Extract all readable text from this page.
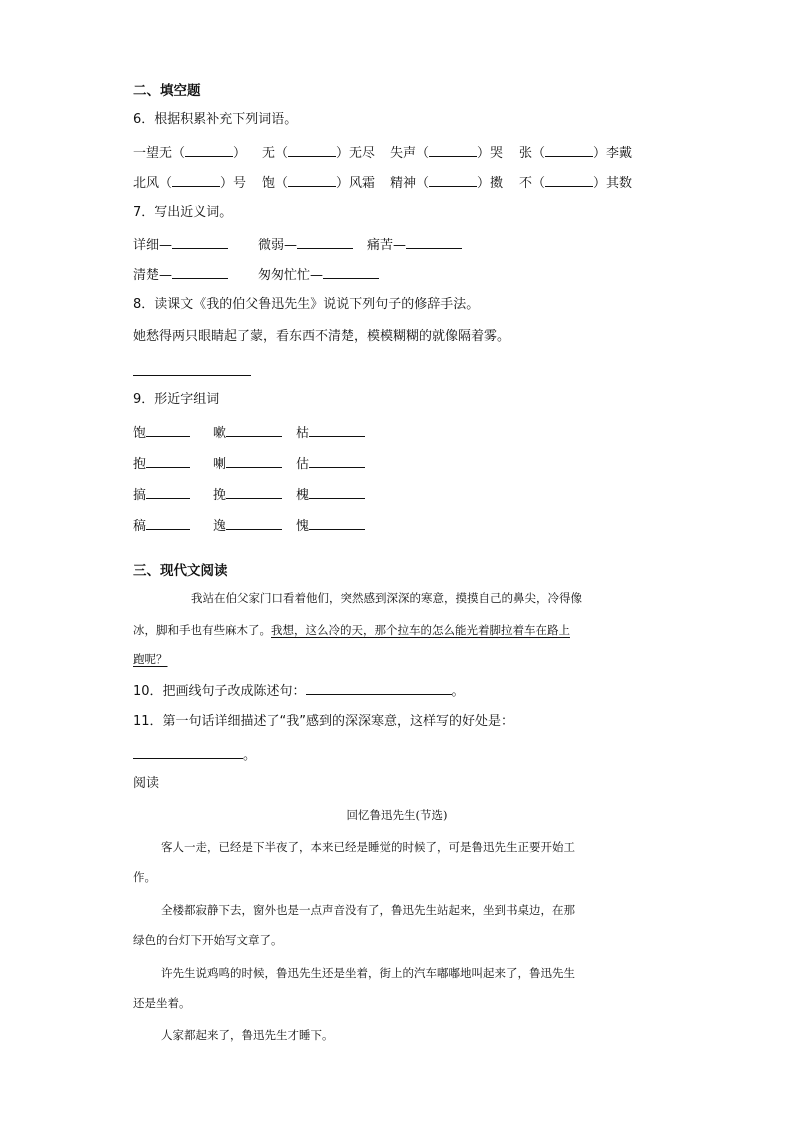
二、填空题
6．根据积累补充下列词语。
一望无（	） 无（	）无尽 失声（	）哭 张（	）李戴
北风（	）号 饱（	）风霜 精神（	）擞 不（	）其数
7．写出近义词。
详细—	微弱—	痛苦—
清楚—	匆匆忙忙—
8．读课文《我的伯父鲁迅先生》说说下列句子的修辞手法。
她愁得两只眼睛起了蒙，看东西不清楚，模模糊糊的就像隔着雾。
9．形近字组词
饱	嗽	枯
抱	喇	估
搞	挽	槐
稿	逸	愧
三、现代文阅读
我站在伯父家门口看着他们，突然感到深深的寒意，摸摸自己的鼻尖，冷得像
冰，脚和手也有些麻木了。我想，这么冷的天，那个拉车的怎么能光着脚拉着车在路上
跑呢？
10．把画线句子改成陈述句：	。
11．第一句话详细描述了“我”感到的深深寒意，这样写的好处是：
。
阅读
回忆鲁迅先生(节选)
客人一走，已经是下半夜了，本来已经是睡觉的时候了，可是鲁迅先生正要开始工
作。
全楼都寂静下去，窗外也是一点声音没有了，鲁迅先生站起来，坐到书桌边，在那
绿色的台灯下开始写文章了。
许先生说鸡鸣的时候，鲁迅先生还是坐着，街上的汽车嘟嘟地叫起来了，鲁迅先生
还是坐着。
人家都起来了，鲁迅先生才睡下。
